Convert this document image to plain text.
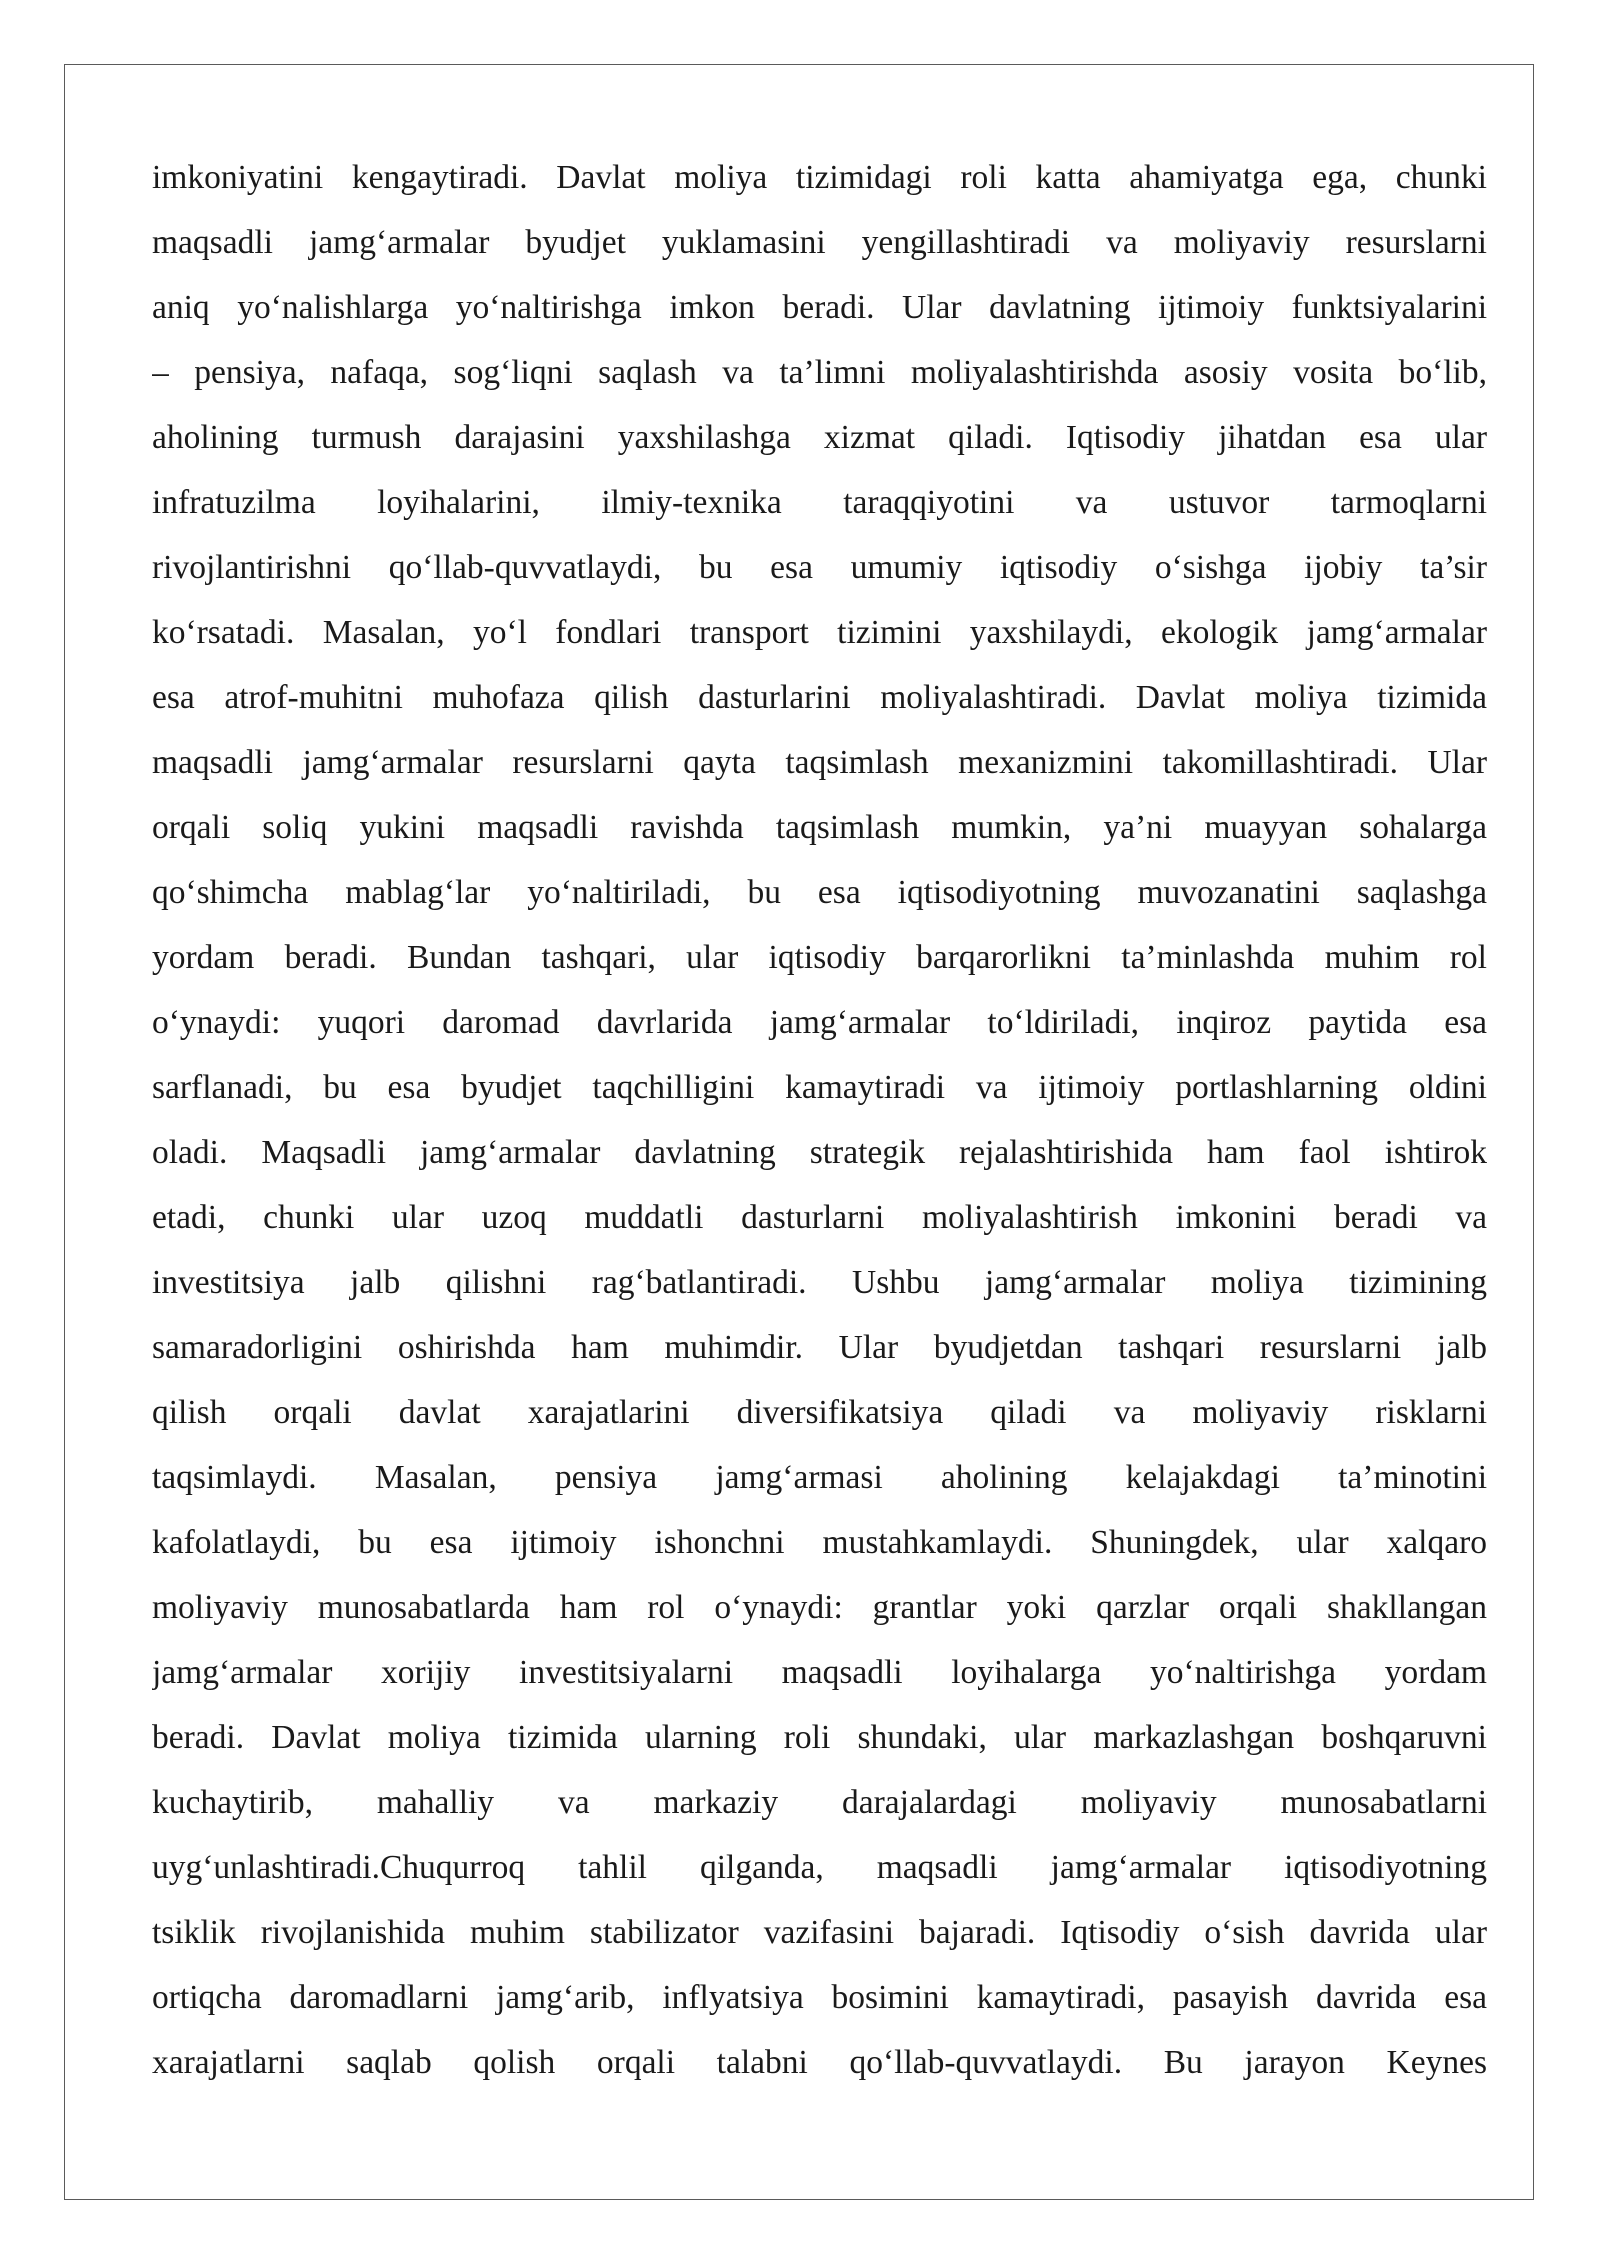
imkoniyatini kengaytiradi. Davlat moliya tizimidagi roli katta ahamiyatga ega, chunki
maqsadli jamg‘armalar byudjet yuklamasini yengillashtiradi va moliyaviy resurslarni
aniq yo‘nalishlarga yo‘naltirishga imkon beradi. Ular davlatning ijtimoiy funktsiyalarini
– pensiya, nafaqa, sog‘liqni saqlash va ta’limni moliyalashtirishda asosiy vosita bo‘lib,
aholining turmush darajasini yaxshilashga xizmat qiladi. Iqtisodiy jihatdan esa ular
infratuzilma loyihalarini, ilmiy-texnika taraqqiyotini va ustuvor tarmoqlarni
rivojlantirishni qo‘llab-quvvatlaydi, bu esa umumiy iqtisodiy o‘sishga ijobiy ta’sir
ko‘rsatadi. Masalan, yo‘l fondlari transport tizimini yaxshilaydi, ekologik jamg‘armalar
esa atrof-muhitni muhofaza qilish dasturlarini moliyalashtiradi. Davlat moliya tizimida
maqsadli jamg‘armalar resurslarni qayta taqsimlash mexanizmini takomillashtiradi. Ular
orqali soliq yukini maqsadli ravishda taqsimlash mumkin, ya’ni muayyan sohalarga
qo‘shimcha mablag‘lar yo‘naltiriladi, bu esa iqtisodiyotning muvozanatini saqlashga
yordam beradi. Bundan tashqari, ular iqtisodiy barqarorlikni ta’minlashda muhim rol
o‘ynaydi: yuqori daromad davrlarida jamg‘armalar to‘ldiriladi, inqiroz paytida esa
sarflanadi, bu esa byudjet taqchilligini kamaytiradi va ijtimoiy portlashlarning oldini
oladi. Maqsadli jamg‘armalar davlatning strategik rejalashtirishida ham faol ishtirok
etadi, chunki ular uzoq muddatli dasturlarni moliyalashtirish imkonini beradi va
investitsiya jalb qilishni rag‘batlantiradi. Ushbu jamg‘armalar moliya tizimining
samaradorligini oshirishda ham muhimdir. Ular byudjetdan tashqari resurslarni jalb
qilish orqali davlat xarajatlarini diversifikatsiya qiladi va moliyaviy risklarni
taqsimlaydi. Masalan, pensiya jamg‘armasi aholining kelajakdagi ta’minotini
kafolatlaydi, bu esa ijtimoiy ishonchni mustahkamlaydi. Shuningdek, ular xalqaro
moliyaviy munosabatlarda ham rol o‘ynaydi: grantlar yoki qarzlar orqali shakllangan
jamg‘armalar xorijiy investitsiyalarni maqsadli loyihalarga yo‘naltirishga yordam
beradi. Davlat moliya tizimida ularning roli shundaki, ular markazlashgan boshqaruvni
kuchaytirib, mahalliy va markaziy darajalardagi moliyaviy munosabatlarni
uyg‘unlashtiradi.Chuqurroq tahlil qilganda, maqsadli jamg‘armalar iqtisodiyotning
tsiklik rivojlanishida muhim stabilizator vazifasini bajaradi. Iqtisodiy o‘sish davrida ular
ortiqcha daromadlarni jamg‘arib, inflyatsiya bosimini kamaytiradi, pasayish davrida esa
xarajatlarni saqlab qolish orqali talabni qo‘llab-quvvatlaydi. Bu jarayon Keynes
